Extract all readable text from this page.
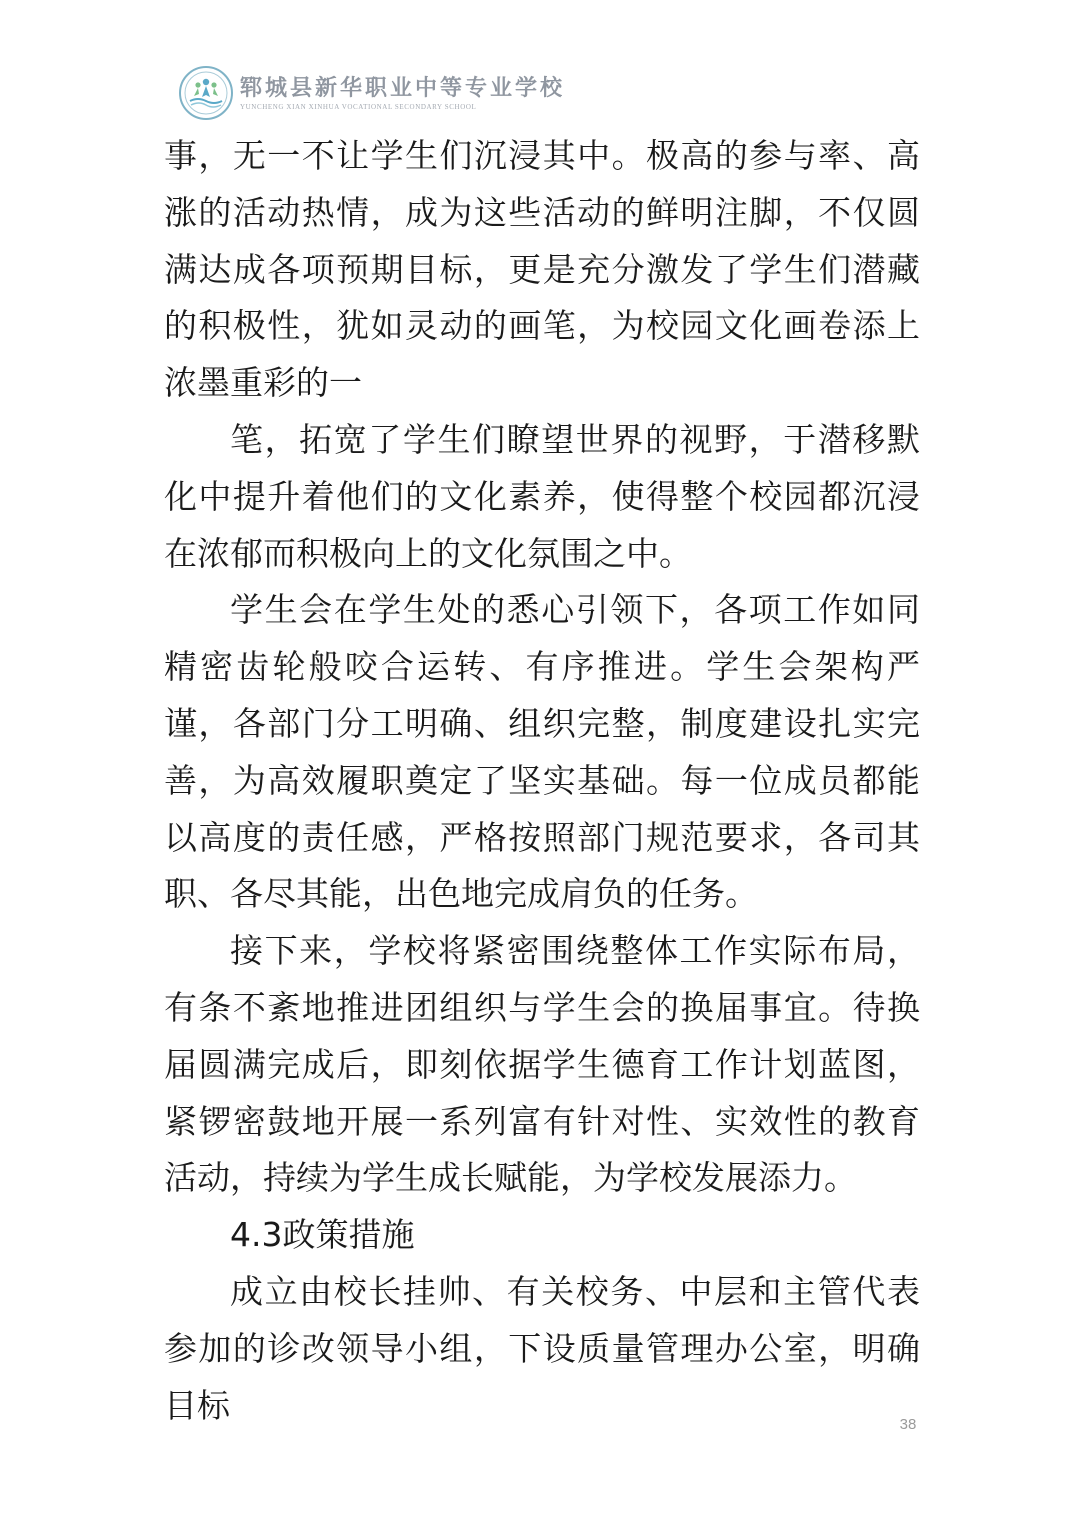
郓城县新华职业中等专业学校
YUNCHENG XIAN XINHUA VOCATIONAL SECONDARY SCHOOL

事，无一不让学生们沉浸其中。极高的参与率、高涨的活动热情，成为这些活动的鲜明注脚，不仅圆满达成各项预期目标，更是充分激发了学生们潜藏的积极性，犹如灵动的画笔，为校园文化画卷添上浓墨重彩的一

笔，拓宽了学生们瞭望世界的视野，于潜移默化中提升着他们的文化素养，使得整个校园都沉浸在浓郁而积极向上的文化氛围之中。

学生会在学生处的悉心引领下，各项工作如同精密齿轮般咬合运转、有序推进。学生会架构严谨，各部门分工明确、组织完整，制度建设扎实完善，为高效履职奠定了坚实基础。每一位成员都能以高度的责任感，严格按照部门规范要求，各司其职、各尽其能，出色地完成肩负的任务。

接下来，学校将紧密围绕整体工作实际布局，有条不紊地推进团组织与学生会的换届事宜。待换届圆满完成后，即刻依据学生德育工作计划蓝图，紧锣密鼓地开展一系列富有针对性、实效性的教育活动，持续为学生成长赋能，为学校发展添力。

4.3政策措施

成立由校长挂帅、有关校务、中层和主管代表参加的诊改领导小组，下设质量管理办公室，明确目标	38
